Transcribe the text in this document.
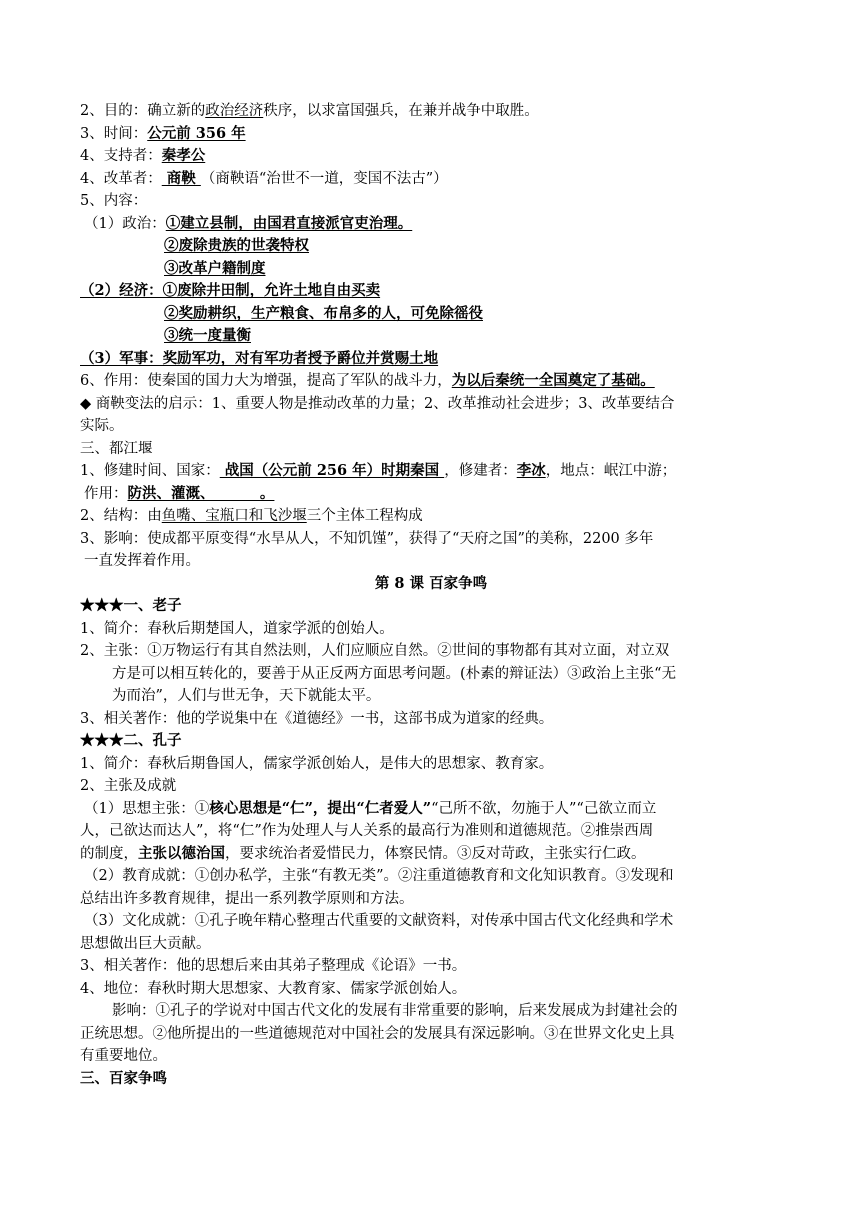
2、目的：确立新的政治经济秩序，以求富国强兵，在兼并战争中取胜。
3、时间：公元前 356 年
4、支持者：秦孝公
4、改革者： 商鞅 （商鞅语“治世不一道，变国不法古”）
5、内容：
（1）政治：①建立县制，由国君直接派官吏治理。
②废除贵族的世袭特权
③改革户籍制度
（2）经济：①废除井田制，允许土地自由买卖
②奖励耕织，生产粮食、布帛多的人，可免除徭役
③统一度量衡
（3）军事：奖励军功，对有军功者授予爵位并赏赐土地
6、作用：使秦国的国力大为增强，提高了军队的战斗力，为以后秦统一全国奠定了基础。
◆ 商鞅变法的启示：1、重要人物是推动改革的力量；2、改革推动社会进步；3、改革要结合
实际。
三、都江堰
1、修建时间、国家： 战国（公元前 256 年）时期秦国 ，修建者：李冰，地点：岷江中游；
作用：防洪、灌溉、         。
2、结构：由鱼嘴、宝瓶口和飞沙堰三个主体工程构成
3、影响：使成都平原变得“水旱从人，不知饥馑”，获得了“天府之国”的美称，2200 多年
一直发挥着作用。
第 8 课 百家争鸣
★★★一、老子
1、简介：春秋后期楚国人，道家学派的创始人。
2、主张：①万物运行有其自然法则，人们应顺应自然。②世间的事物都有其对立面，对立双
方是可以相互转化的，要善于从正反两方面思考问题。(朴素的辩证法）③政治上主张“无
为而治”，人们与世无争，天下就能太平。
3、相关著作：他的学说集中在《道德经》一书，这部书成为道家的经典。
★★★二、孔子
1、简介：春秋后期鲁国人，儒家学派创始人，是伟大的思想家、教育家。
2、主张及成就
（1）思想主张：①核心思想是“仁”，提出“仁者爱人”“己所不欲，勿施于人”“己欲立而立
人，己欲达而达人”，将“仁”作为处理人与人关系的最高行为准则和道德规范。②推崇西周
的制度，主张以德治国，要求统治者爱惜民力，体察民情。③反对苛政，主张实行仁政。
（2）教育成就：①创办私学，主张“有教无类”。②注重道德教育和文化知识教育。③发现和
总结出许多教育规律，提出一系列教学原则和方法。
（3）文化成就：①孔子晚年精心整理古代重要的文献资料，对传承中国古代文化经典和学术
思想做出巨大贡献。
3、相关著作：他的思想后来由其弟子整理成《论语》一书。
4、地位：春秋时期大思想家、大教育家、儒家学派创始人。
影响：①孔子的学说对中国古代文化的发展有非常重要的影响，后来发展成为封建社会的
正统思想。②他所提出的一些道德规范对中国社会的发展具有深远影响。③在世界文化史上具
有重要地位。
三、百家争鸣
